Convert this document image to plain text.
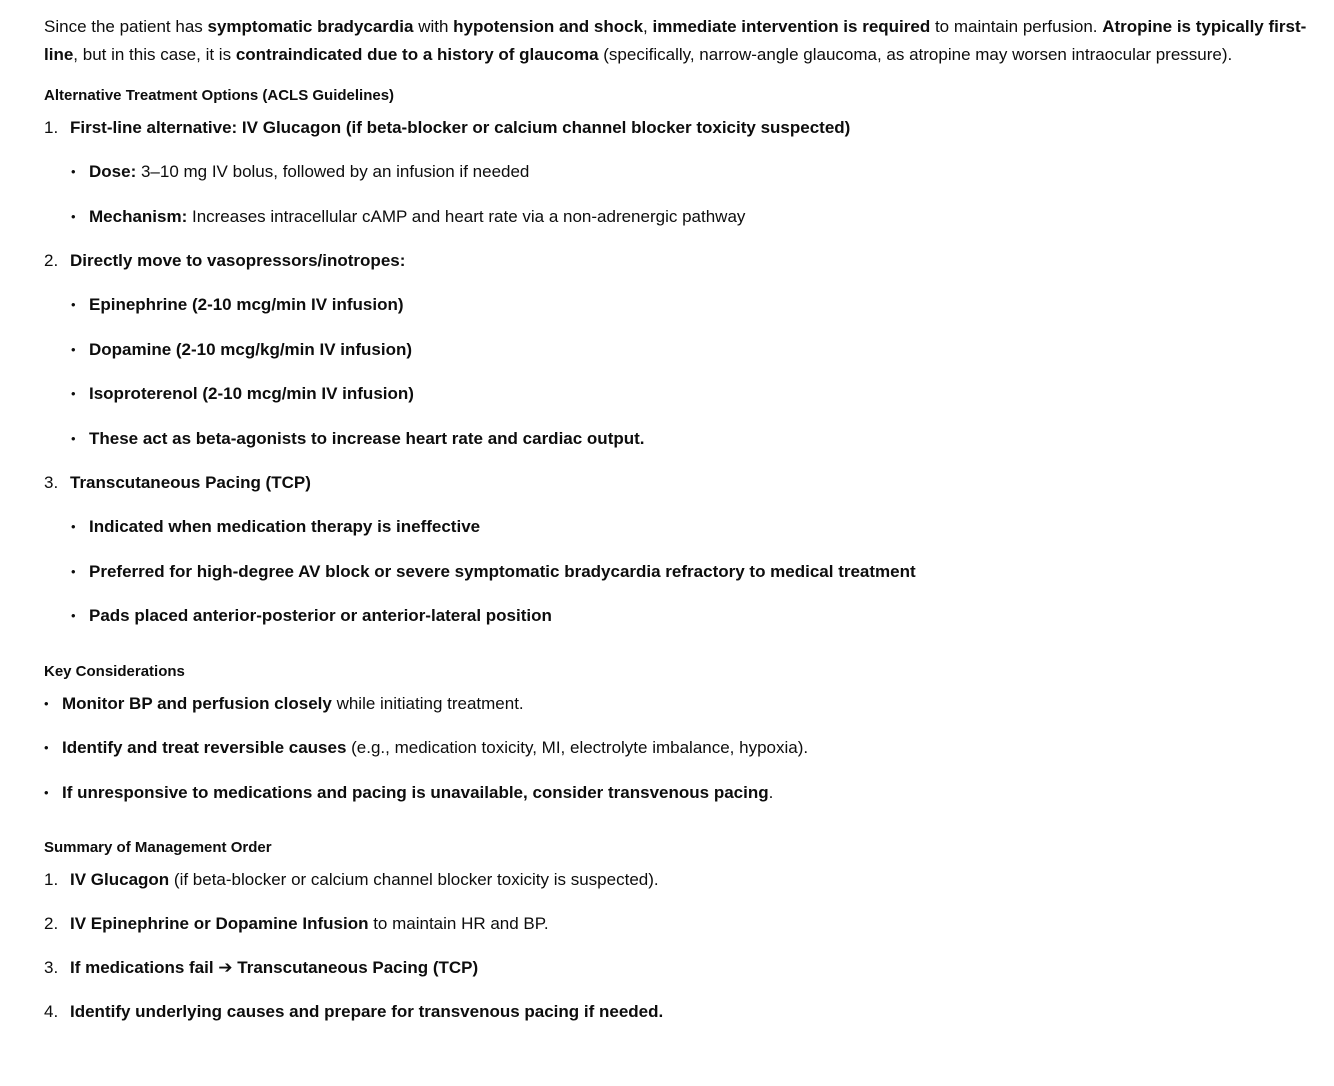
Since the patient has symptomatic bradycardia with hypotension and shock, immediate intervention is required to maintain perfusion. Atropine is typically first-line, but in this case, it is contraindicated due to a history of glaucoma (specifically, narrow-angle glaucoma, as atropine may worsen intraocular pressure).

Alternative Treatment Options (ACLS Guidelines)
1. First-line alternative: IV Glucagon (if beta-blocker or calcium channel blocker toxicity suspected)
• Dose: 3–10 mg IV bolus, followed by an infusion if needed
• Mechanism: Increases intracellular cAMP and heart rate via a non-adrenergic pathway
2. Directly move to vasopressors/inotropes:
• Epinephrine (2-10 mcg/min IV infusion)
• Dopamine (2-10 mcg/kg/min IV infusion)
• Isoproterenol (2-10 mcg/min IV infusion)
• These act as beta-agonists to increase heart rate and cardiac output.
3. Transcutaneous Pacing (TCP)
• Indicated when medication therapy is ineffective
• Preferred for high-degree AV block or severe symptomatic bradycardia refractory to medical treatment
• Pads placed anterior-posterior or anterior-lateral position
Key Considerations
• Monitor BP and perfusion closely while initiating treatment.
• Identify and treat reversible causes (e.g., medication toxicity, MI, electrolyte imbalance, hypoxia).
• If unresponsive to medications and pacing is unavailable, consider transvenous pacing.
Summary of Management Order
1. IV Glucagon (if beta-blocker or calcium channel blocker toxicity is suspected).
2. IV Epinephrine or Dopamine Infusion to maintain HR and BP.
3. If medications fail ➔ Transcutaneous Pacing (TCP)
4. Identify underlying causes and prepare for transvenous pacing if needed.
